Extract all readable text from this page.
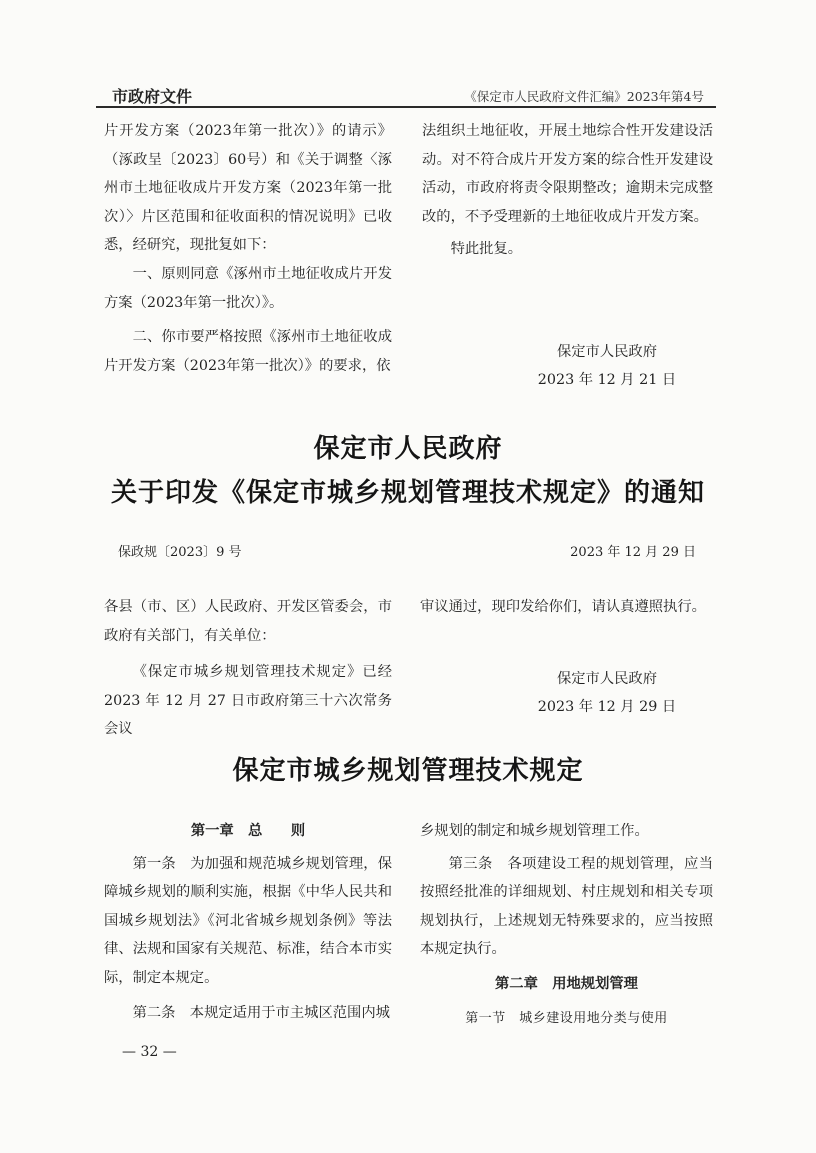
市政府文件	《保定市人民政府文件汇编》2023年第4号

片开发方案（2023年第一批次）》的请示》（涿政呈〔2023〕60号）和《关于调整〈涿州市土地征收成片开发方案（2023年第一批次）〉片区范围和征收面积的情况说明》已收悉，经研究，现批复如下：

一、原则同意《涿州市土地征收成片开发方案（2023年第一批次）》。

二、你市要严格按照《涿州市土地征收成片开发方案（2023年第一批次）》的要求，依

法组织土地征收，开展土地综合性开发建设活动。对不符合成片开发方案的综合性开发建设活动，市政府将责令限期整改；逾期未完成整改的，不予受理新的土地征收成片开发方案。

特此批复。

保定市人民政府
2023 年 12 月 21 日
保定市人民政府
关于印发《保定市城乡规划管理技术规定》的通知
保政规〔2023〕9 号	2023 年 12 月 29 日

各县（市、区）人民政府、开发区管委会，市政府有关部门，有关单位：

《保定市城乡规划管理技术规定》已经2023 年 12 月 27 日市政府第三十六次常务会议

审议通过，现印发给你们，请认真遵照执行。

保定市人民政府
2023 年 12 月 29 日
保定市城乡规划管理技术规定

第一章　总　　则

第一条　为加强和规范城乡规划管理，保障城乡规划的顺利实施，根据《中华人民共和国城乡规划法》《河北省城乡规划条例》等法律、法规和国家有关规范、标准，结合本市实际，制定本规定。

第二条　本规定适用于市主城区范围内城

乡规划的制定和城乡规划管理工作。

第三条　各项建设工程的规划管理，应当按照经批准的详细规划、村庄规划和相关专项规划执行，上述规划无特殊要求的，应当按照本规定执行。

第二章　用地规划管理

第一节　城乡建设用地分类与使用

— 32 —
